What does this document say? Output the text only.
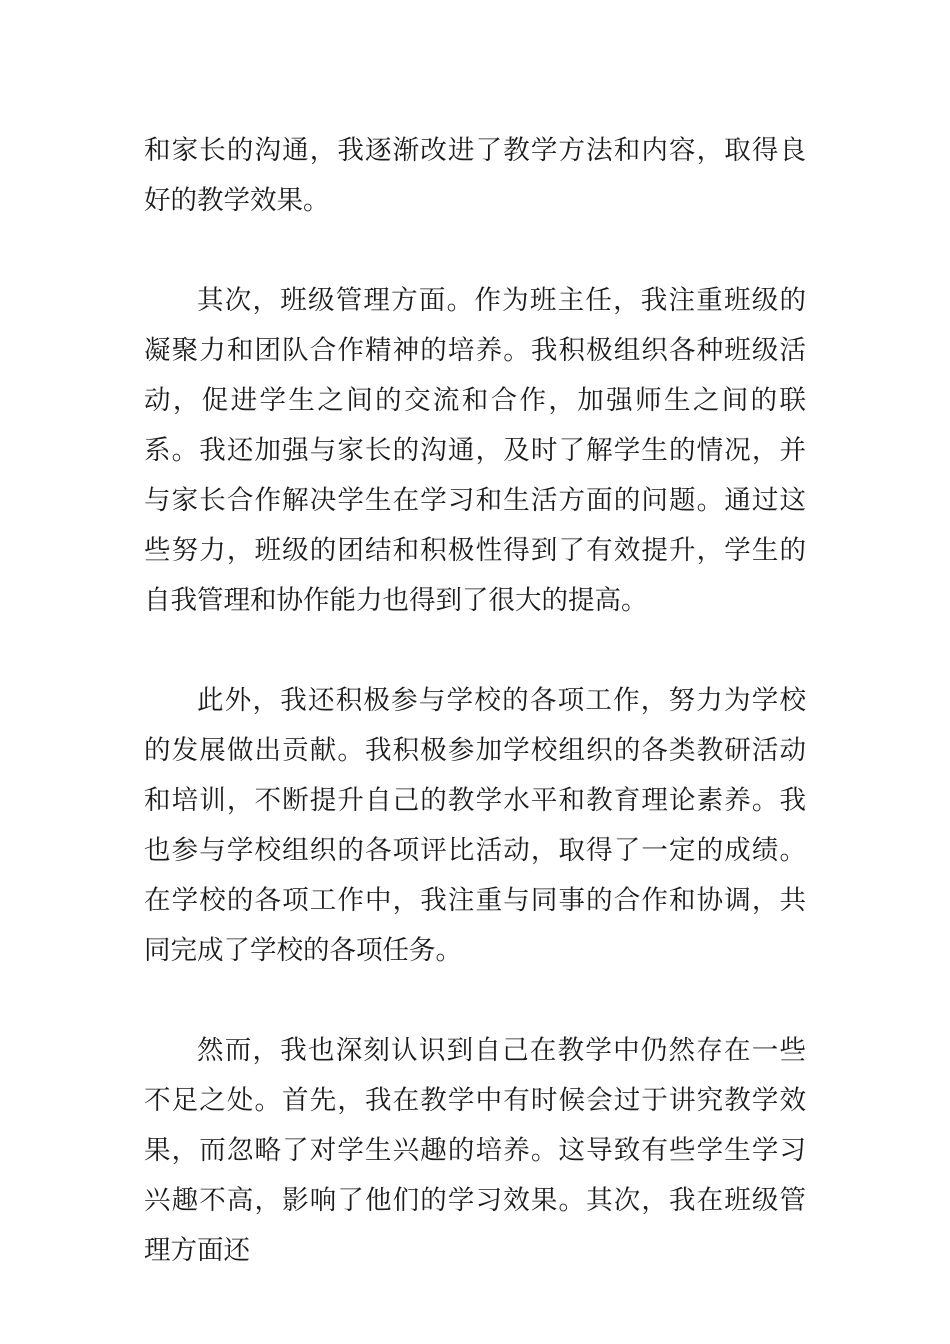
和家长的沟通，我逐渐改进了教学方法和内容，取得良好的教学效果。

其次，班级管理方面。作为班主任，我注重班级的凝聚力和团队合作精神的培养。我积极组织各种班级活动，促进学生之间的交流和合作，加强师生之间的联系。我还加强与家长的沟通，及时了解学生的情况，并与家长合作解决学生在学习和生活方面的问题。通过这些努力，班级的团结和积极性得到了有效提升，学生的自我管理和协作能力也得到了很大的提高。

此外，我还积极参与学校的各项工作，努力为学校的发展做出贡献。我积极参加学校组织的各类教研活动和培训，不断提升自己的教学水平和教育理论素养。我也参与学校组织的各项评比活动，取得了一定的成绩。在学校的各项工作中，我注重与同事的合作和协调，共同完成了学校的各项任务。

然而，我也深刻认识到自己在教学中仍然存在一些不足之处。首先，我在教学中有时候会过于讲究教学效果，而忽略了对学生兴趣的培养。这导致有些学生学习兴趣不高，影响了他们的学习效果。其次，我在班级管理方面还
